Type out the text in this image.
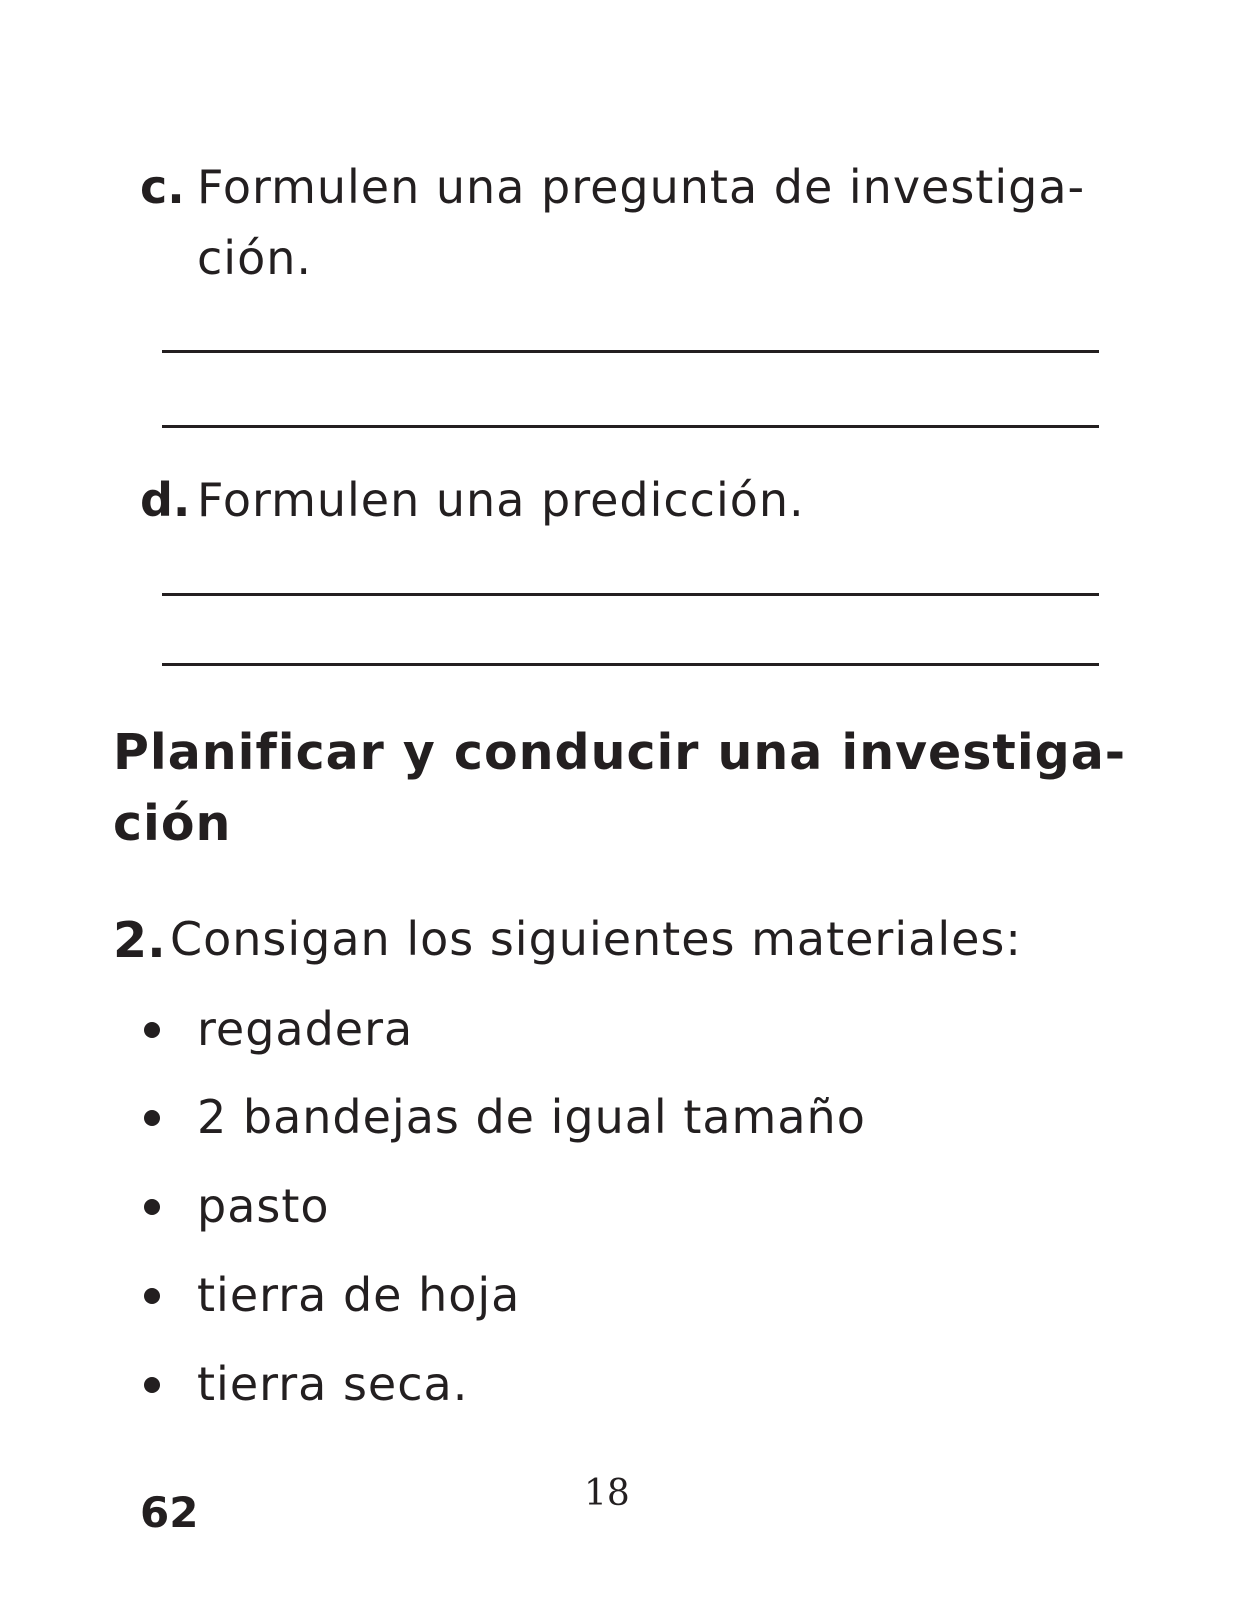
c. Formulen una pregunta de investiga-
ción.
d. Formulen una predicción.
Planificar y conducir una investiga-
ción
2. Consigan los siguientes materiales:
regadera
2 bandejas de igual tamaño
pasto
tierra de hoja
tierra seca.
18
62
